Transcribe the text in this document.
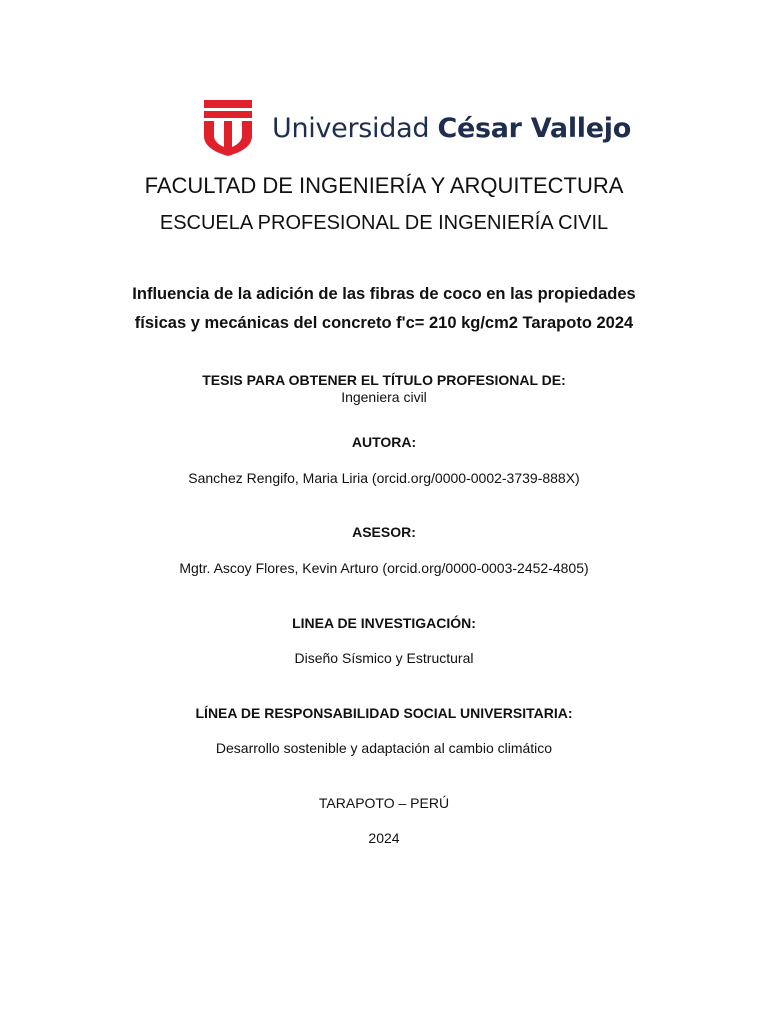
Universidad César Vallejo
FACULTAD DE INGENIERÍA Y ARQUITECTURA
ESCUELA PROFESIONAL DE INGENIERÍA CIVIL
Influencia de la adición de las fibras de coco en las propiedades
físicas y mecánicas del concreto f'c= 210 kg/cm2 Tarapoto 2024
TESIS PARA OBTENER EL TÍTULO PROFESIONAL DE:
Ingeniera civil
AUTORA:
Sanchez Rengifo, Maria Liria (orcid.org/0000-0002-3739-888X)
ASESOR:
Mgtr. Ascoy Flores, Kevin Arturo (orcid.org/0000-0003-2452-4805)
LINEA DE INVESTIGACIÓN:
Diseño Sísmico y Estructural
LÍNEA DE RESPONSABILIDAD SOCIAL UNIVERSITARIA:
Desarrollo sostenible y adaptación al cambio climático
TARAPOTO – PERÚ
2024
